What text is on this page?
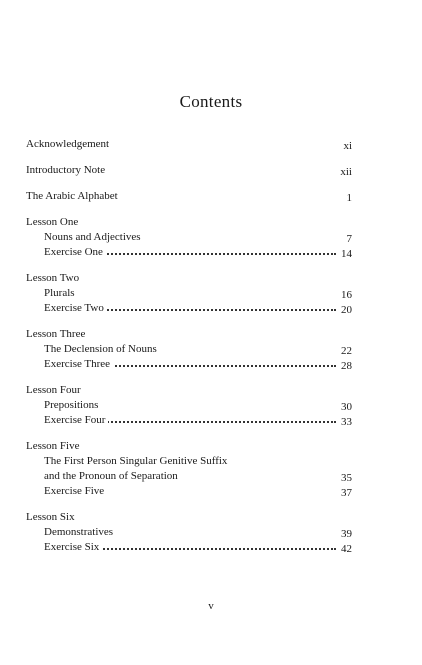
Contents
Acknowledgement	xi
Introductory Note	xii
The Arabic Alphabet	1
Lesson One
Nouns and Adjectives	7
Exercise One	14
Lesson Two
Plurals	16
Exercise Two	20
Lesson Three
The Declension of Nouns	22
Exercise Three	28
Lesson Four
Prepositions	30
Exercise Four	33
Lesson Five
The First Person Singular Genitive Suffix
and the Pronoun of Separation	35
Exercise Five	37
Lesson Six
Demonstratives	39
Exercise Six	42
v
